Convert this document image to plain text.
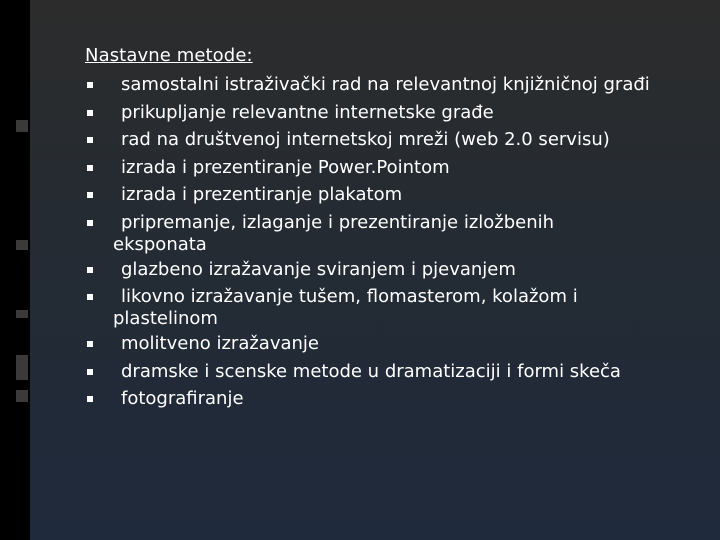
Nastavne metode:
samostalni istraživački rad na relevantnoj knjižničnoj građi
prikupljanje relevantne internetske građe
rad na društvenoj internetskoj mreži (web 2.0 servisu)
izrada i prezentiranje Power.Pointom
izrada i prezentiranje plakatom
pripremanje, izlaganje i prezentiranje izložbenih
eksponata
glazbeno izražavanje sviranjem i pjevanjem
likovno izražavanje tušem, flomasterom, kolažom i
plastelinom
molitveno izražavanje
dramske i scenske metode u dramatizaciji i formi skeča
fotografiranje
